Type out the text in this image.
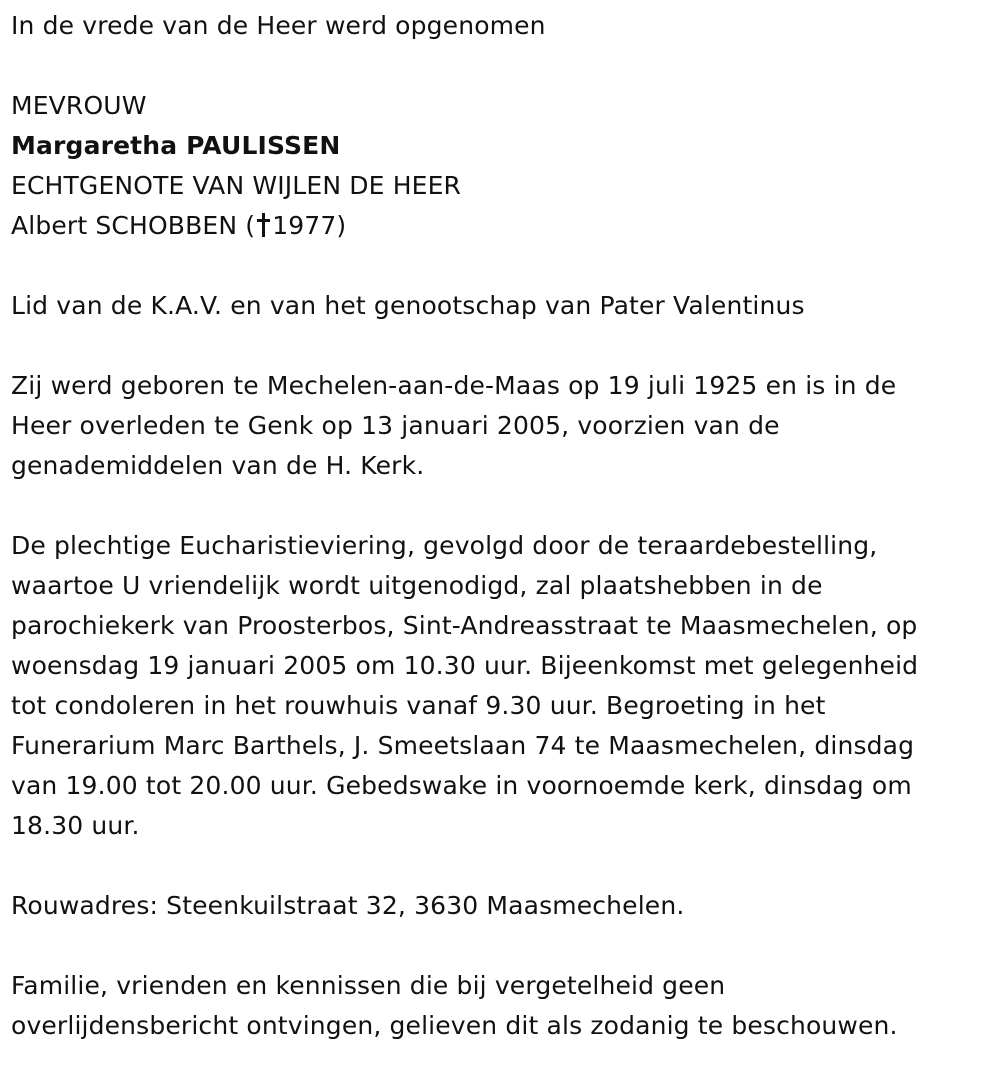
In de vrede van de Heer werd opgenomen
MEVROUW
Margaretha PAULISSEN
ECHTGENOTE VAN WIJLEN DE HEER
Albert SCHOBBEN ( 1977)
Lid van de K.A.V. en van het genootschap van Pater Valentinus
Zij werd geboren te Mechelen-aan-de-Maas op 19 juli 1925 en is in de
Heer overleden te Genk op 13 januari 2005, voorzien van de
genademiddelen van de H. Kerk.
De plechtige Eucharistieviering, gevolgd door de teraardebestelling,
waartoe U vriendelijk wordt uitgenodigd, zal plaatshebben in de
parochiekerk van Proosterbos, Sint-Andreasstraat te Maasmechelen, op
woensdag 19 januari 2005 om 10.30 uur. Bijeenkomst met gelegenheid
tot condoleren in het rouwhuis vanaf 9.30 uur. Begroeting in het
Funerarium Marc Barthels, J. Smeetslaan 74 te Maasmechelen, dinsdag
van 19.00 tot 20.00 uur. Gebedswake in voornoemde kerk, dinsdag om
18.30 uur.
Rouwadres: Steenkuilstraat 32, 3630 Maasmechelen.
Familie, vrienden en kennissen die bij vergetelheid geen
overlijdensbericht ontvingen, gelieven dit als zodanig te beschouwen.
